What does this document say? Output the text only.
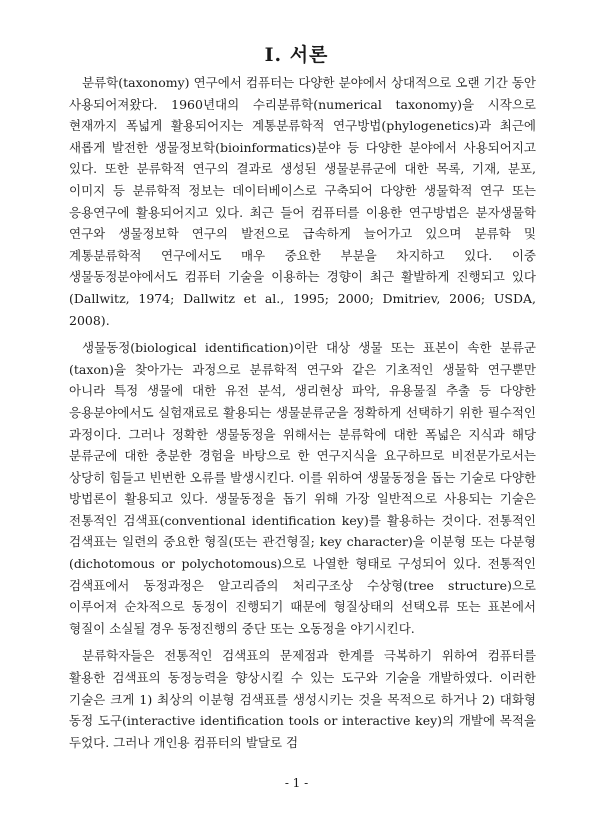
Ⅰ. 서론

분류학(taxonomy) 연구에서 컴퓨터는 다양한 분야에서 상대적으로 오랜 기간 동안 사용되어져왔다. 1960년대의 수리분류학(numerical taxonomy)을 시작으로 현재까지 폭넓게 활용되어지는 계통분류학적 연구방법(phylogenetics)과 최근에 새롭게 발전한 생물정보학(bioinformatics)분야 등 다양한 분야에서 사용되어지고 있다. 또한 분류학적 연구의 결과로 생성된 생물분류군에 대한 목록, 기재, 분포, 이미지 등 분류학적 정보는 데이터베이스로 구축되어 다양한 생물학적 연구 또는 응용연구에 활용되어지고 있다. 최근 들어 컴퓨터를 이용한 연구방법은 분자생물학 연구와 생물정보학 연구의 발전으로 급속하게 늘어가고 있으며 분류학 및 계통분류학적 연구에서도 매우 중요한 부분을 차지하고 있다. 이중 생물동정분야에서도 컴퓨터 기술을 이용하는 경향이 최근 활발하게 진행되고 있다(Dallwitz, 1974; Dallwitz et al., 1995; 2000; Dmitriev, 2006; USDA, 2008).

생물동정(biological identification)이란 대상 생물 또는 표본이 속한 분류군(taxon)을 찾아가는 과정으로 분류학적 연구와 같은 기초적인 생물학 연구뿐만 아니라 특정 생물에 대한 유전 분석, 생리현상 파악, 유용물질 추출 등 다양한 응용분야에서도 실험재료로 활용되는 생물분류군을 정확하게 선택하기 위한 필수적인 과정이다. 그러나 정확한 생물동정을 위해서는 분류학에 대한 폭넓은 지식과 해당 분류군에 대한 충분한 경험을 바탕으로 한 연구지식을 요구하므로 비전문가로서는 상당히 힘들고 빈번한 오류를 발생시킨다. 이를 위하여 생물동정을 돕는 기술로 다양한 방법론이 활용되고 있다. 생물동정을 돕기 위해 가장 일반적으로 사용되는 기술은 전통적인 검색표(conventional identification key)를 활용하는 것이다. 전통적인 검색표는 일련의 중요한 형질(또는 관건형질; key character)을 이분형 또는 다분형(dichotomous or polychotomous)으로 나열한 형태로 구성되어 있다. 전통적인 검색표에서 동정과정은 알고리즘의 처리구조상 수상형(tree structure)으로 이루어져 순차적으로 동정이 진행되기 때문에 형질상태의 선택오류 또는 표본에서 형질이 소실될 경우 동정진행의 중단 또는 오동정을 야기시킨다.

분류학자들은 전통적인 검색표의 문제점과 한계를 극복하기 위하여 컴퓨터를 활용한 검색표의 동정능력을 향상시킬 수 있는 도구와 기술을 개발하였다. 이러한 기술은 크게 1) 최상의 이분형 검색표를 생성시키는 것을 목적으로 하거나 2) 대화형 동정 도구(interactive identification tools or interactive key)의 개발에 목적을 두었다. 그러나 개인용 컴퓨터의 발달로 검

- 1 -
